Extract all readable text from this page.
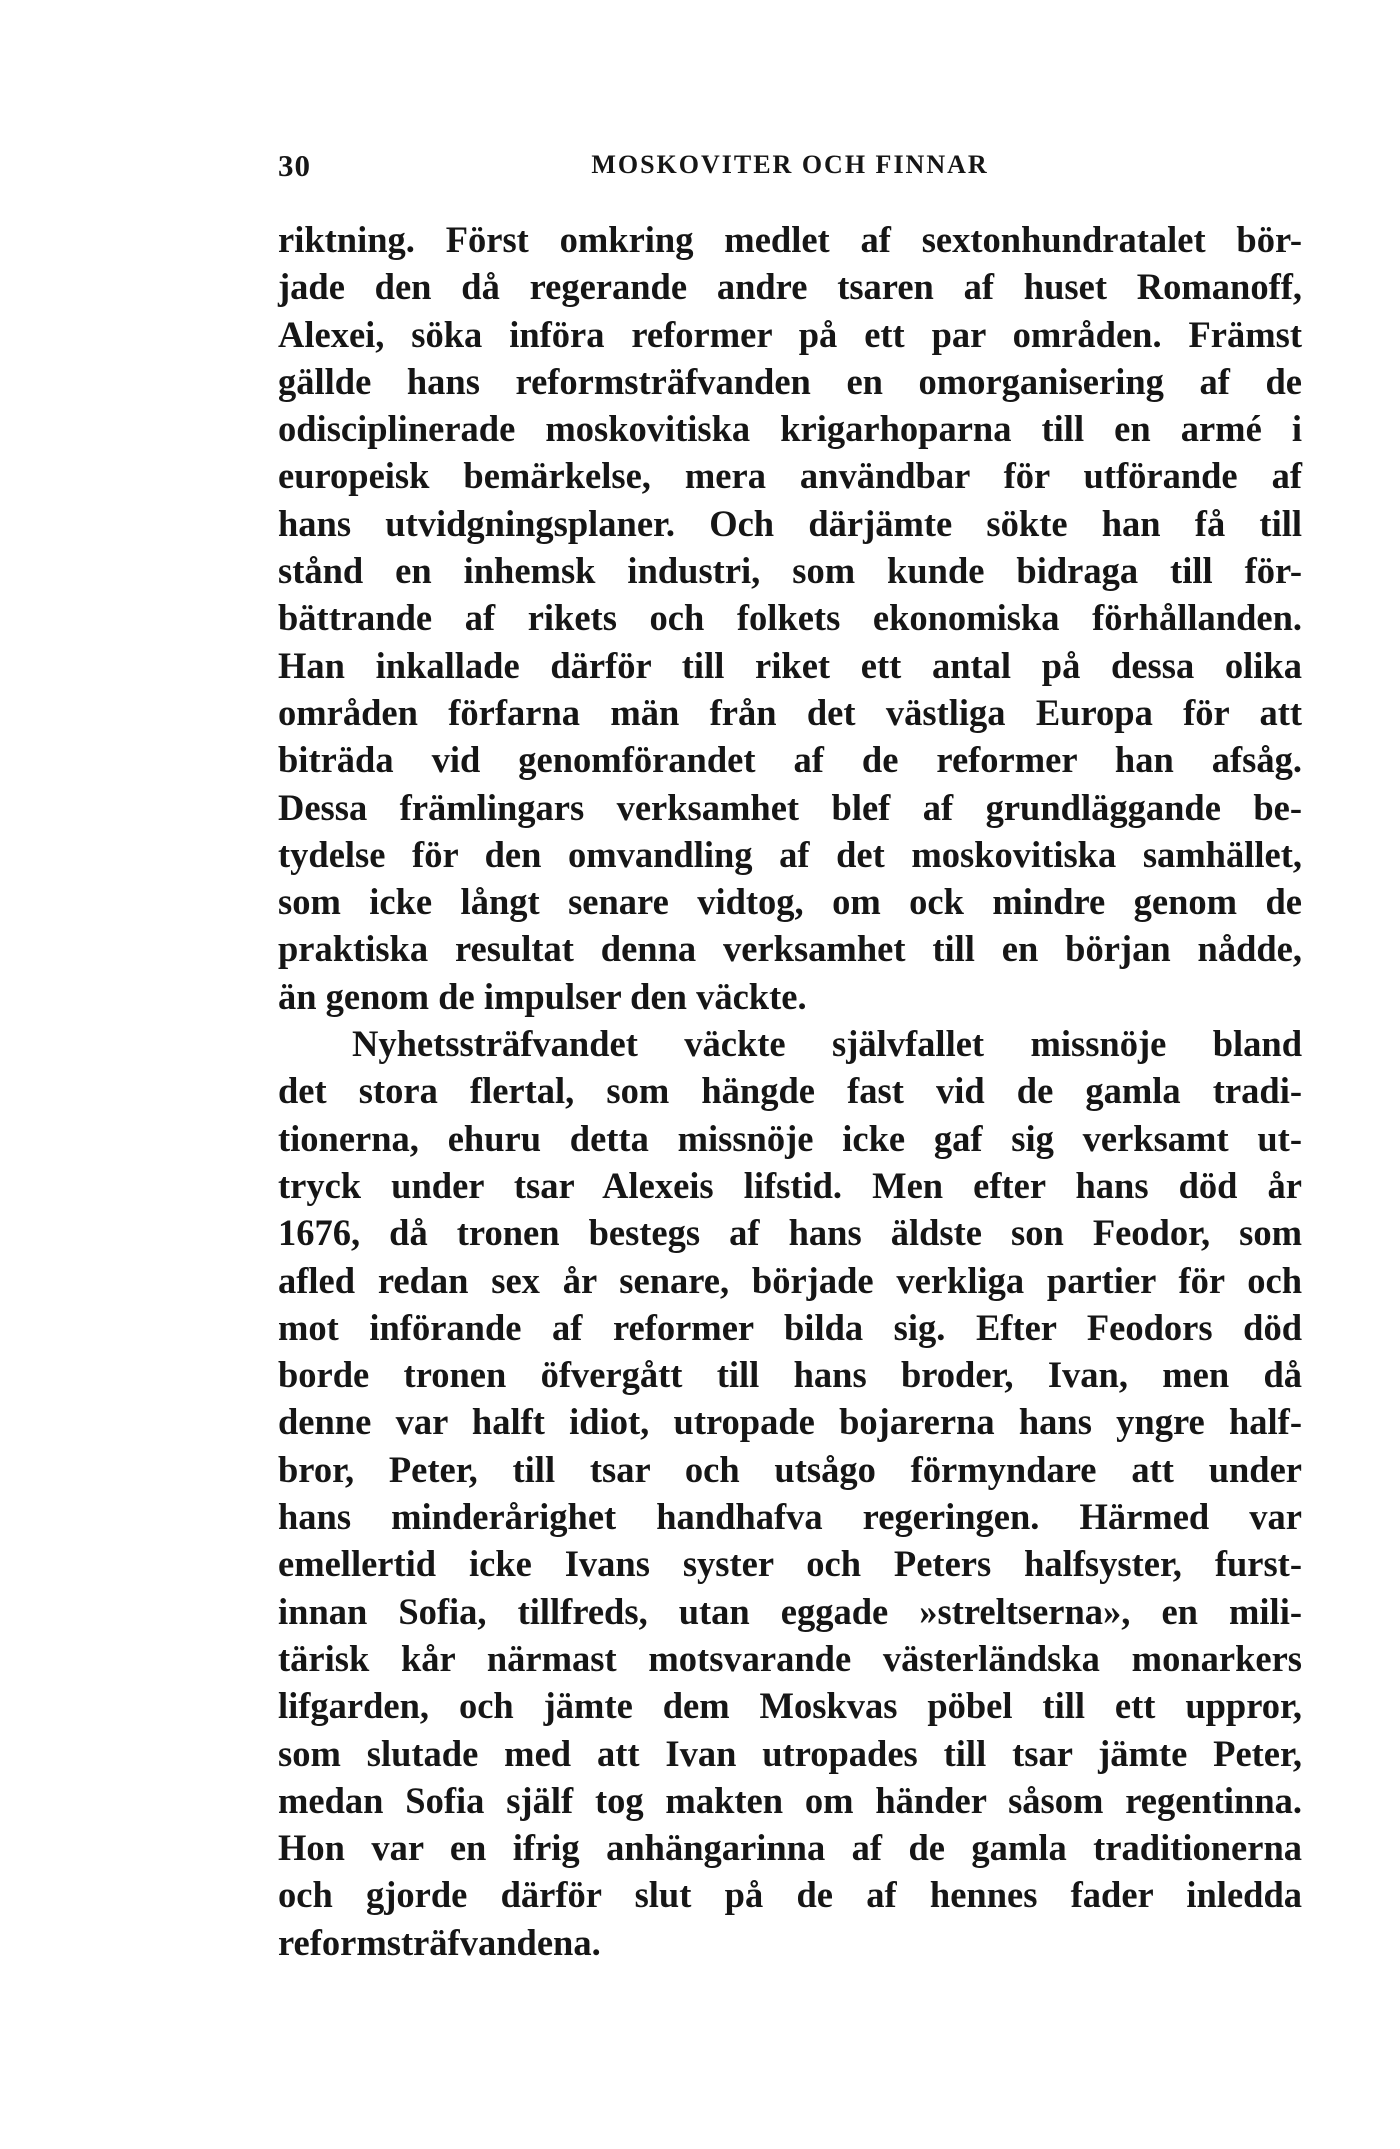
30	MOSKOVITER OCH FINNAR
riktning. Först omkring medlet af sextonhundratalet bör-
jade den då regerande andre tsaren af huset Romanoff,
Alexei, söka införa reformer på ett par områden. Främst
gällde hans reformsträfvanden en omorganisering af de
odisciplinerade moskovitiska krigarhoparna till en armé i
europeisk bemärkelse, mera användbar för utförande af
hans utvidgningsplaner. Och därjämte sökte han få till
stånd en inhemsk industri, som kunde bidraga till för-
bättrande af rikets och folkets ekonomiska förhållanden.
Han inkallade därför till riket ett antal på dessa olika
områden förfarna män från det västliga Europa för att
biträda vid genomförandet af de reformer han afsåg.
Dessa främlingars verksamhet blef af grundläggande be-
tydelse för den omvandling af det moskovitiska samhället,
som icke långt senare vidtog, om ock mindre genom de
praktiska resultat denna verksamhet till en början nådde,
än genom de impulser den väckte.
Nyhetssträfvandet väckte självfallet missnöje bland
det stora flertal, som hängde fast vid de gamla tradi-
tionerna, ehuru detta missnöje icke gaf sig verksamt ut-
tryck under tsar Alexeis lifstid. Men efter hans död år
1676, då tronen bestegs af hans äldste son Feodor, som
afled redan sex år senare, började verkliga partier för och
mot införande af reformer bilda sig. Efter Feodors död
borde tronen öfvergått till hans broder, Ivan, men då
denne var halft idiot, utropade bojarerna hans yngre half-
bror, Peter, till tsar och utsågo förmyndare att under
hans minderårighet handhafva regeringen. Härmed var
emellertid icke Ivans syster och Peters halfsyster, furst-
innan Sofia, tillfreds, utan eggade »streltserna», en mili-
tärisk kår närmast motsvarande västerländska monarkers
lifgarden, och jämte dem Moskvas pöbel till ett uppror,
som slutade med att Ivan utropades till tsar jämte Peter,
medan Sofia själf tog makten om händer såsom regentinna.
Hon var en ifrig anhängarinna af de gamla traditionerna
och gjorde därför slut på de af hennes fader inledda
reformsträfvandena.
